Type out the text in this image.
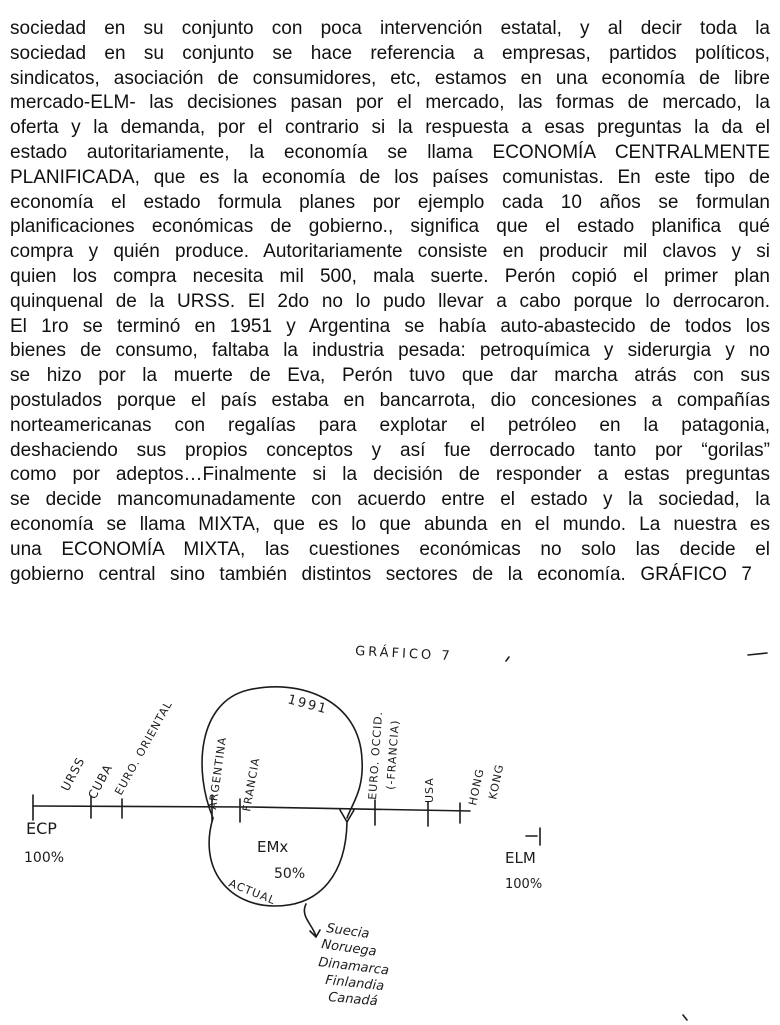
sociedad en su conjunto con poca intervención estatal, y al decir toda la
sociedad en su conjunto se hace referencia a empresas, partidos políticos,
sindicatos, asociación de consumidores, etc, estamos en una economía de libre
mercado-ELM- las decisiones pasan por el mercado, las formas de mercado, la
oferta y la demanda, por el contrario si la respuesta a esas preguntas la da el
estado autoritariamente, la economía se llama ECONOMÍA CENTRALMENTE
PLANIFICADA, que es la economía de los países comunistas. En este tipo de
economía el estado formula planes por ejemplo cada 10 años se formulan
planificaciones económicas de gobierno., significa que el estado planifica qué
compra y quién produce. Autoritariamente consiste en producir mil clavos y si
quien los compra necesita mil 500, mala suerte. Perón copió el primer plan
quinquenal de la URSS. El 2do no lo pudo llevar a cabo porque lo derrocaron.
El 1ro se terminó en 1951 y Argentina se había auto-abastecido de todos los
bienes de consumo, faltaba la industria pesada: petroquímica y siderurgia y no
se hizo por la muerte de Eva, Perón tuvo que dar marcha atrás con sus
postulados porque el país estaba en bancarrota, dio concesiones a compañías
norteamericanas con regalías para explotar el petróleo en la patagonia,
deshaciendo sus propios conceptos y así fue derrocado tanto por “gorilas”
como por adeptos…Finalmente si la decisión de responder a estas preguntas
se decide mancomunadamente con acuerdo entre el estado y la sociedad, la
economía se llama MIXTA, que es lo que abunda en el mundo. La nuestra es
una ECONOMÍA MIXTA, las cuestiones económicas no solo las decide el
gobierno central sino también distintos sectores de la economía. GRÁFICO 7
GRÁFICO 7
ECP
100%
EMx
50%
ELM
100%
URSS
CUBA
EURO. ORIENTAL	ARGENTINA FRANCIA	EURO. OCCID.
(-FRANCIA) USA	HONG KONG
1991
ACTUAL
Suecia
Noruega
Dinamarca
Finlandia
Canadá
